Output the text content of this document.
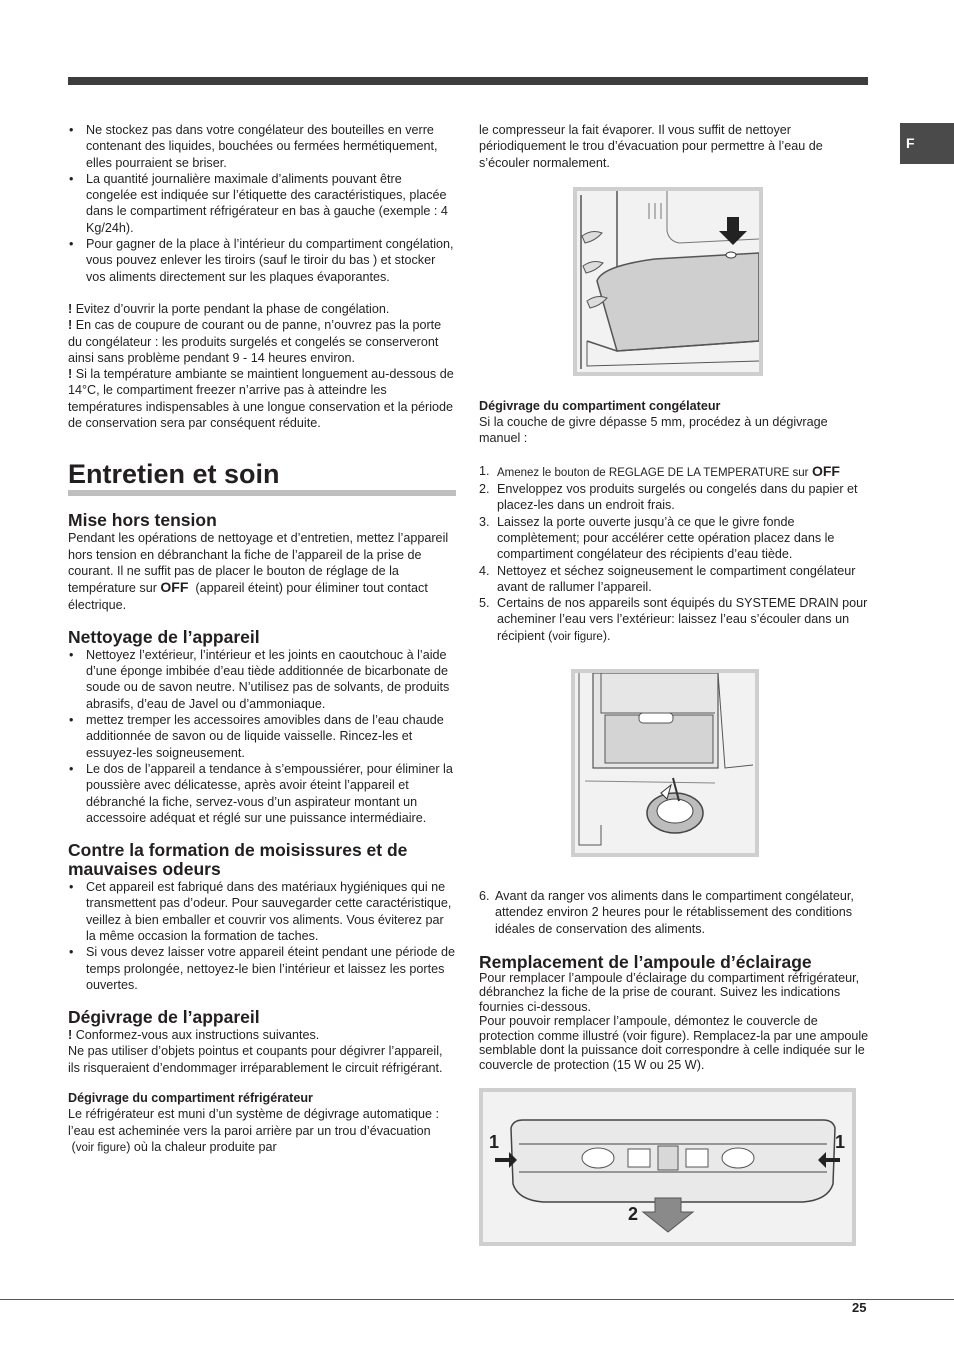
F
• Ne stockez pas dans votre congélateur des bouteilles en verre contenant des liquides, bouchées ou fermées hermétiquement, elles pourraient se briser.
• La quantité journalière maximale d’aliments pouvant être congelée est indiquée sur l’étiquette des caractéristiques, placée dans le compartiment réfrigérateur en bas à gauche (exemple : 4 Kg/24h).
• Pour gagner de la place à l’intérieur du compartiment congélation, vous pouvez enlever les tiroirs (sauf le tiroir du bas ) et stocker vos aliments directement sur les plaques évaporantes.

! Evitez d’ouvrir la porte pendant la phase de congélation.

! En cas de coupure de courant ou de panne, n’ouvrez pas la porte du congélateur : les produits surgelés et congelés se conserveront ainsi sans problème pendant 9 - 14 heures environ.

! Si la température ambiante se maintient longuement au-dessous de 14°C, le compartiment freezer n’arrive pas à atteindre les températures indispensables à une longue conservation et la période de conservation sera par conséquent réduite.

Entretien et soin
Mise hors tension

Pendant les opérations de nettoyage et d’entretien, mettez l’appareil hors tension en débranchant la fiche de l’appareil de la prise de courant. Il ne suffit pas de placer le bouton de réglage de la température sur OFF (appareil éteint) pour éliminer tout contact électrique.

Nettoyage de l’appareil
• Nettoyez l’extérieur, l’intérieur et les joints en caoutchouc à l’aide d’une éponge imbibée d’eau tiède additionnée de bicarbonate de soude ou de savon neutre. N’utilisez pas de solvants, de produits abrasifs, d’eau de Javel ou d’ammoniaque.
• mettez tremper les accessoires amovibles dans de l’eau chaude additionnée de savon ou de liquide vaisselle. Rincez-les et essuyez-les soigneusement.
• Le dos de l’appareil a tendance à s’empoussiérer, pour éliminer la poussière avec délicatesse, après avoir éteint l’appareil et débranché la fiche, servez-vous d’un aspirateur montant un accessoire adéquat et réglé sur une puissance intermédiaire.
Contre la formation de moisissures et de mauvaises odeurs
• Cet appareil est fabriqué dans des matériaux hygiéniques qui ne transmettent pas d’odeur. Pour sauvegarder cette caractéristique, veillez à bien emballer et couvrir vos aliments. Vous éviterez par la même occasion la formation de taches.
• Si vous devez laisser votre appareil éteint pendant une période de temps prolongée, nettoyez-le bien l’intérieur et laissez les portes ouvertes.
Dégivrage de l’appareil

! Conformez-vous aux instructions suivantes.

Ne pas utiliser d’objets pointus et coupants pour dégivrer l’appareil, ils risqueraient d’endommager irréparablement le circuit réfrigérant.

Dégivrage du compartiment réfrigérateur

Le réfrigérateur est muni d’un système de dégivrage automatique : l’eau est acheminée vers la paroi arrière par un trou d’évacuation  (voir figure) où la chaleur produite par

le compresseur la fait évaporer. Il vous suffit de nettoyer périodiquement le trou d’évacuation pour permettre à l’eau de s’écouler normalement.

Dégivrage du compartiment congélateur

Si la couche de givre dépasse 5 mm, procédez à un dégivrage manuel :

1. Amenez le bouton de REGLAGE DE LA TEMPERATURE sur OFF
2. Enveloppez vos produits surgelés ou congelés dans du papier et placez-les dans un endroit frais.
3. Laissez la porte ouverte jusqu’à ce que le givre fonde complètement; pour accélérer cette opération placez dans le compartiment congélateur des récipients d’eau tiède.
4. Nettoyez et séchez soigneusement le compartiment congélateur avant de rallumer l’appareil.
5. Certains de nos appareils sont équipés du SYSTEME DRAIN pour acheminer l’eau vers l’extérieur: laissez l’eau s’écouler dans un récipient (voir figure).
6. Avant da ranger vos aliments dans le compartiment congélateur, attendez environ 2 heures pour le rétablissement des conditions idéales de conservation des aliments.
Remplacement de l’ampoule d’éclairage

Pour remplacer l’ampoule d’éclairage du compartiment réfrigérateur, débranchez la fiche de la prise de courant. Suivez les indications fournies ci-dessous.

Pour pouvoir remplacer l’ampoule, démontez le couvercle de protection comme illustré (voir figure). Remplacez-la par une ampoule semblable dont la puissance doit correspondre à celle indiquée sur le couvercle de protection (15 W ou 25 W).

1	1
2
25
